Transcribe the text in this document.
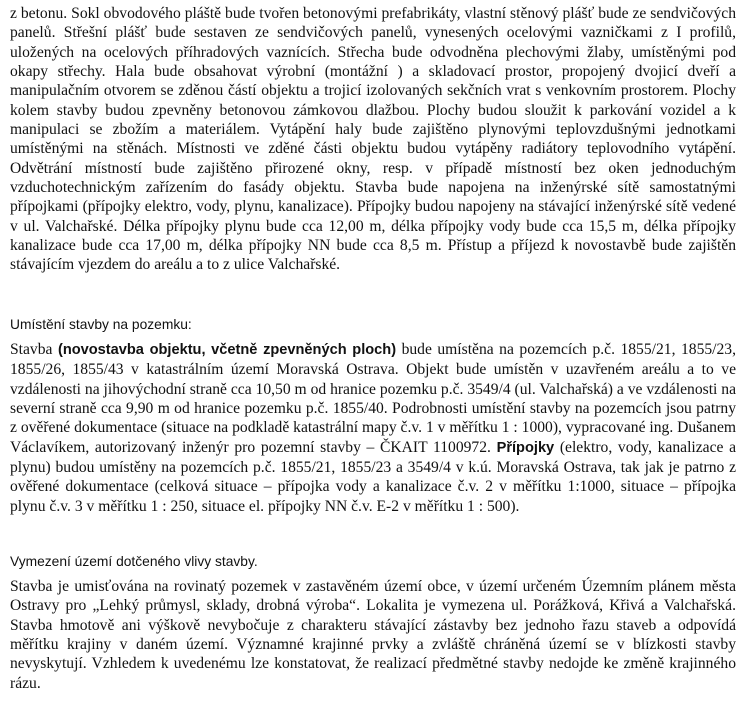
z betonu. Sokl obvodového pláště bude tvořen betonovými prefabrikáty, vlastní stěnový plášť bude ze sendvičových panelů. Střešní plášť bude sestaven ze sendvičových panelů, vynesených ocelovými vazničkami z I profilů, uložených na ocelových příhradových vaznících. Střecha bude odvodněna plechovými žlaby, umístěnými pod okapy střechy. Hala bude obsahovat výrobní (montážní ) a skladovací prostor, propojený dvojicí dveří a manipulačním otvorem se zděnou částí objektu a trojicí izolovaných sekčních vrat s venkovním prostorem. Plochy kolem stavby budou zpevněny betonovou zámkovou dlažbou. Plochy budou sloužit k parkování vozidel a k manipulaci se zbožím a materiálem. Vytápění haly bude zajištěno plynovými teplovzdušnými jednotkami umístěnými na stěnách. Místnosti ve zděné části objektu budou vytápěny radiátory teplovodního vytápění. Odvětrání místností bude zajištěno přirozené okny, resp. v případě místností bez oken jednoduchým vzduchotechnickým zařízením do fasády objektu. Stavba bude napojena na inženýrské sítě samostatnými přípojkami (přípojky elektro, vody, plynu, kanalizace). Přípojky budou napojeny na stávající inženýrské sítě vedené v ul. Valchařské. Délka přípojky plynu bude cca 12,00 m, délka přípojky vody bude cca 15,5 m, délka přípojky kanalizace bude cca 17,00 m, délka přípojky NN bude cca 8,5 m. Přístup a příjezd k novostavbě bude zajištěn stávajícím vjezdem do areálu a to z ulice Valchařské.

Umístění stavby na pozemku:

Stavba (novostavba objektu, včetně zpevněných ploch) bude umístěna na pozemcích p.č. 1855/21, 1855/23, 1855/26, 1855/43 v katastrálním území Moravská Ostrava. Objekt bude umístěn v uzavřeném areálu a to ve vzdálenosti na jihovýchodní straně cca 10,50 m od hranice pozemku p.č. 3549/4 (ul. Valchařská) a ve vzdálenosti na severní straně cca 9,90 m od hranice pozemku p.č. 1855/40. Podrobnosti umístění stavby na pozemcích jsou patrny z ověřené dokumentace (situace na podkladě katastrální mapy č.v. 1 v měřítku 1 : 1000), vypracované ing. Dušanem Václavíkem, autorizovaný inženýr pro pozemní stavby – ČKAIT 1100972. Přípojky (elektro, vody, kanalizace a plynu) budou umístěny na pozemcích p.č. 1855/21, 1855/23 a 3549/4 v k.ú. Moravská Ostrava, tak jak je patrno z ověřené dokumentace (celková situace – přípojka vody a kanalizace č.v. 2 v měřítku 1:1000, situace – přípojka plynu č.v. 3 v měřítku 1 : 250, situace el. přípojky NN č.v. E-2 v měřítku 1 : 500).

Vymezení území dotčeného vlivy stavby.

Stavba je umisťována na rovinatý pozemek v zastavěném území obce, v území určeném Územním plánem města Ostravy pro „Lehký průmysl, sklady, drobná výroba“. Lokalita je vymezena ul. Porážková, Křivá a Valchařská. Stavba hmotově ani výškově nevybočuje z charakteru stávající zástavby bez jednoho řazu staveb a odpovídá měřítku krajiny v daném území. Významné krajinné prvky a zvláště chráněná území se v blízkosti stavby nevyskytují. Vzhledem k uvedenému lze konstatovat, že realizací předmětné stavby nedojde ke změně krajinného rázu.
